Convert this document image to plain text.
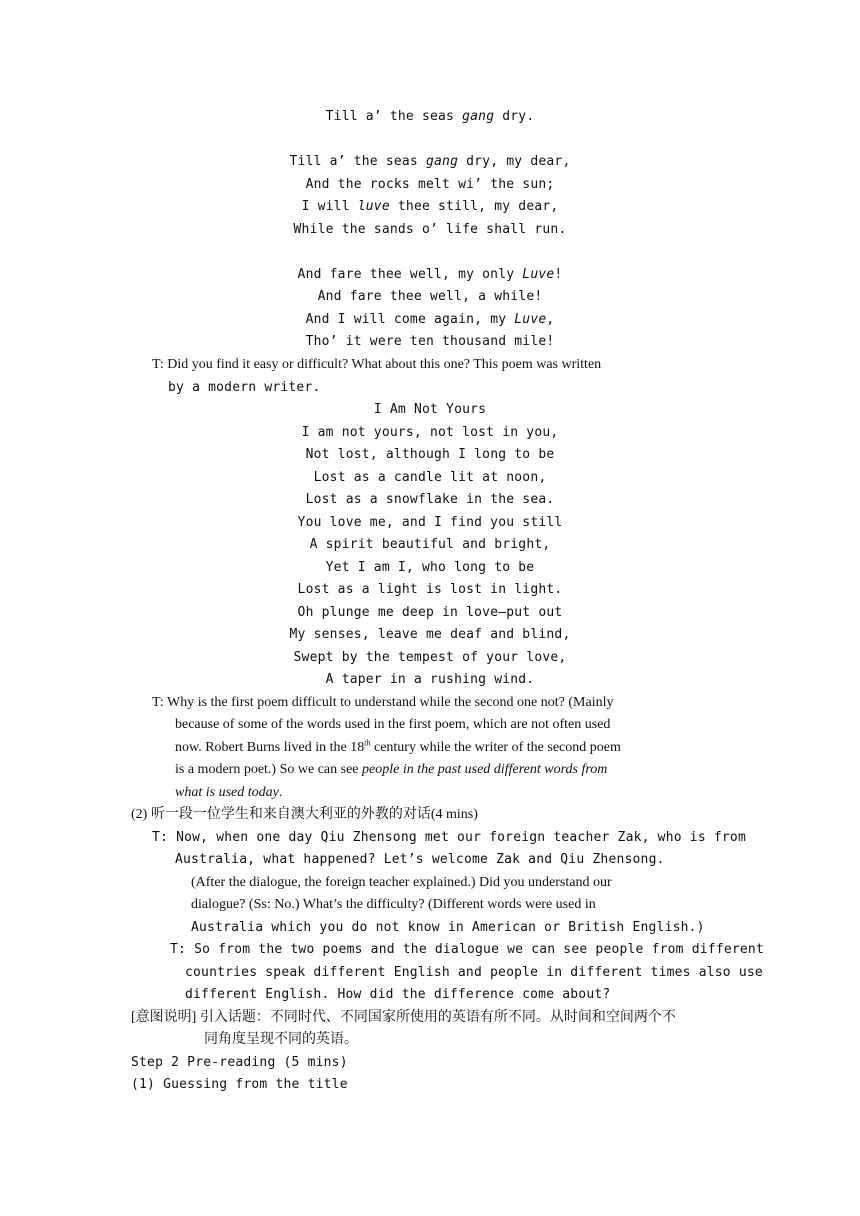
Till a’ the seas gang dry.
Till a’ the seas gang dry, my dear,
And the rocks melt wi’ the sun;
I will luve thee still, my dear,
While the sands o’ life shall run.
And fare thee well, my only Luve!
And fare thee well, a while!
And I will come again, my Luve,
Tho’ it were ten thousand mile!
T: Did you find it easy or difficult? What about this one? This poem was written
by a modern writer.
I Am Not Yours
I am not yours, not lost in you,
Not lost, although I long to be
Lost as a candle lit at noon,
Lost as a snowflake in the sea.
You love me, and I find you still
A spirit beautiful and bright,
Yet I am I, who long to be
Lost as a light is lost in light.
Oh plunge me deep in love—put out
My senses, leave me deaf and blind,
Swept by the tempest of your love,
A taper in a rushing wind.
T: Why is the first poem difficult to understand while the second one not? (Mainly
because of some of the words used in the first poem, which are not often used
now. Robert Burns lived in the 18th century while the writer of the second poem
is a modern poet.) So we can see people in the past used different words from
what is used today.
(2) 听一段一位学生和来自澳大利亚的外教的对话(4 mins)
T: Now, when one day Qiu Zhensong met our foreign teacher Zak, who is from
Australia, what happened? Let’s welcome Zak and Qiu Zhensong.
(After the dialogue, the foreign teacher explained.) Did you understand our
dialogue? (Ss: No.) What’s the difficulty? (Different words were used in
Australia which you do not know in American or British English.)
T: So from the two poems and the dialogue we can see people from different
countries speak different English and people in different times also use
different English. How did the difference come about?
[意图说明] 引入话题：不同时代、不同国家所使用的英语有所不同。从时间和空间两个不
同角度呈现不同的英语。
Step 2 Pre-reading (5 mins)
(1) Guessing from the title
